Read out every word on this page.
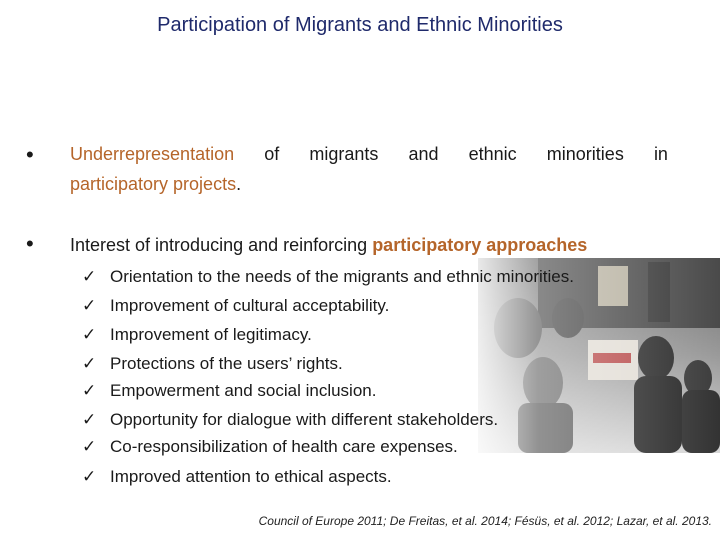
Participation of Migrants and Ethnic Minorities
• Underrepresentation of migrants and ethnic minorities in
participatory projects.
• Interest of introducing and reinforcing participatory approaches
✓ Orientation to the needs of the migrants and ethnic minorities.
✓ Improvement of cultural acceptability.
✓ Improvement of legitimacy.
✓ Protections of the users’ rights.
✓ Empowerment and social inclusion.
✓ Opportunity for dialogue with different stakeholders.
✓ Co-responsibilization of health care expenses.
✓ Improved attention to ethical aspects.
Council of Europe 2011; De Freitas, et al. 2014; Fésüs, et al. 2012; Lazar, et al. 2013.
